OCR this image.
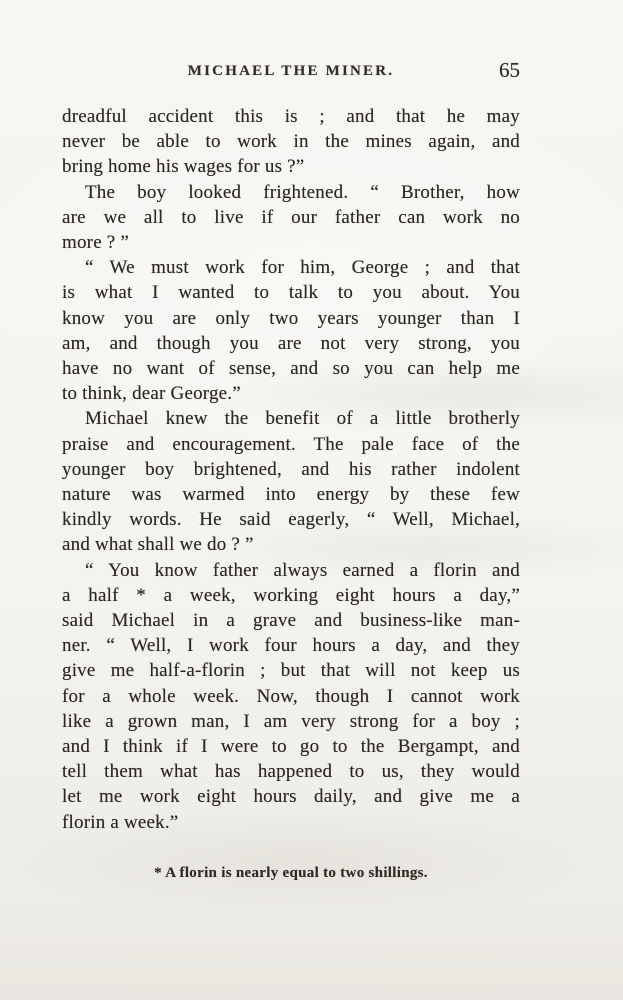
MICHAEL THE MINER.	65
dreadful accident this is ; and that he may
never be able to work in the mines again, and
bring home his wages for us ?”
The boy looked frightened. “ Brother, how
are we all to live if our father can work no
more ? ”
“ We must work for him, George ; and that
is what I wanted to talk to you about. You
know you are only two years younger than I
am, and though you are not very strong, you
have no want of sense, and so you can help me
to think, dear George.”
Michael knew the benefit of a little brotherly
praise and encouragement. The pale face of the
younger boy brightened, and his rather indolent
nature was warmed into energy by these few
kindly words. He said eagerly, “ Well, Michael,
and what shall we do ? ”
“ You know father always earned a florin and
a half * a week, working eight hours a day,”
said Michael in a grave and business-like man-
ner. “ Well, I work four hours a day, and they
give me half-a-florin ; but that will not keep us
for a whole week. Now, though I cannot work
like a grown man, I am very strong for a boy ;
and I think if I were to go to the Bergampt, and
tell them what has happened to us, they would
let me work eight hours daily, and give me a
florin a week.”
* A florin is nearly equal to two shillings.
